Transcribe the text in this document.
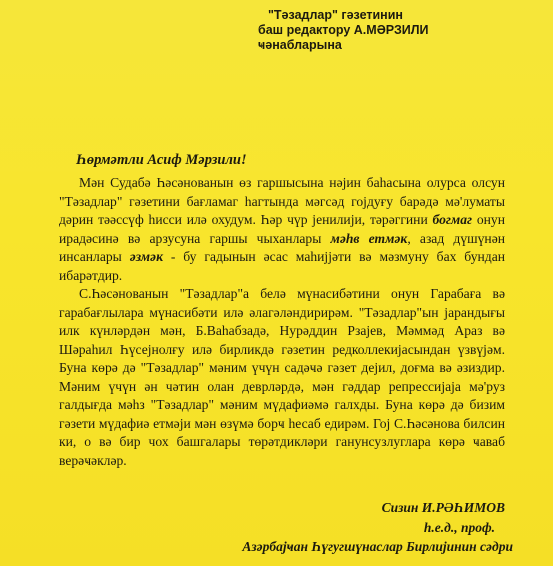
"Тәзадлар" гәзетинин
баш редактору А.МӘРЗИЛИ
ҹәнабларына
Һөрмәтли Асиф Мәрзили!

Мән Судабә Һәсәнованын өз гаршысына нәјин баһасына олурса олсун "Тәзадлар" гәзетини бағламаг һагтында мәгсәд гојдуғу барәдә мә'луматы дәрин тәәссүф һисси илә охудум. Һәр чүр јенилији, тәрәггини богмаг онун ирадәсинә вә арзусуна гаршы чыханлары мәһв етмәк, азад дүшүнән инсанлары әзмәк - бу гадынын әсас маһијјәти вә мәзмуну бах бундан ибарәтдир.

С.Һәсәнованын "Тәзадлар"а белә мүнасибәтини онун Гарабаға вә гарабағлылара мүнасибәти илә әлагәләндирирәм. "Тәзадлар"ын јарандығы илк күнләрдән мән, Б.Ваһабзадә, Нурәддин Рзајев, Мәммәд Араз вә Шәраһил Һүсејнолғу илә бирликдә гәзетин редколлекијасындан үзвүјәм. Буна көрә дә "Тәзадлар" мәним үчүн садәҹә гәзет дејил, доғма вә әзиздир. Мәним үчүн ән чәтин олан деврләрдә, мән гәддар репрессијаја мә'руз галдығда мәһз "Тәзадлар" мәним мүдафиәмә галхды. Буна көрә дә бизим гәзети мүдафиә етмәји мән өзүмә борҹ һесаб едирәм. Гој С.Һәсәнова билсин ки, о вә бир чох башгалары төрәтдикләри ганунсузлуглара көрә ҹаваб верәҹәкләр.

Сизин И.РӘҺИМОВ
һ.е.д., проф.
Азәрбајҹан Һүгугшүнаслар Бирлијинин сәдри
